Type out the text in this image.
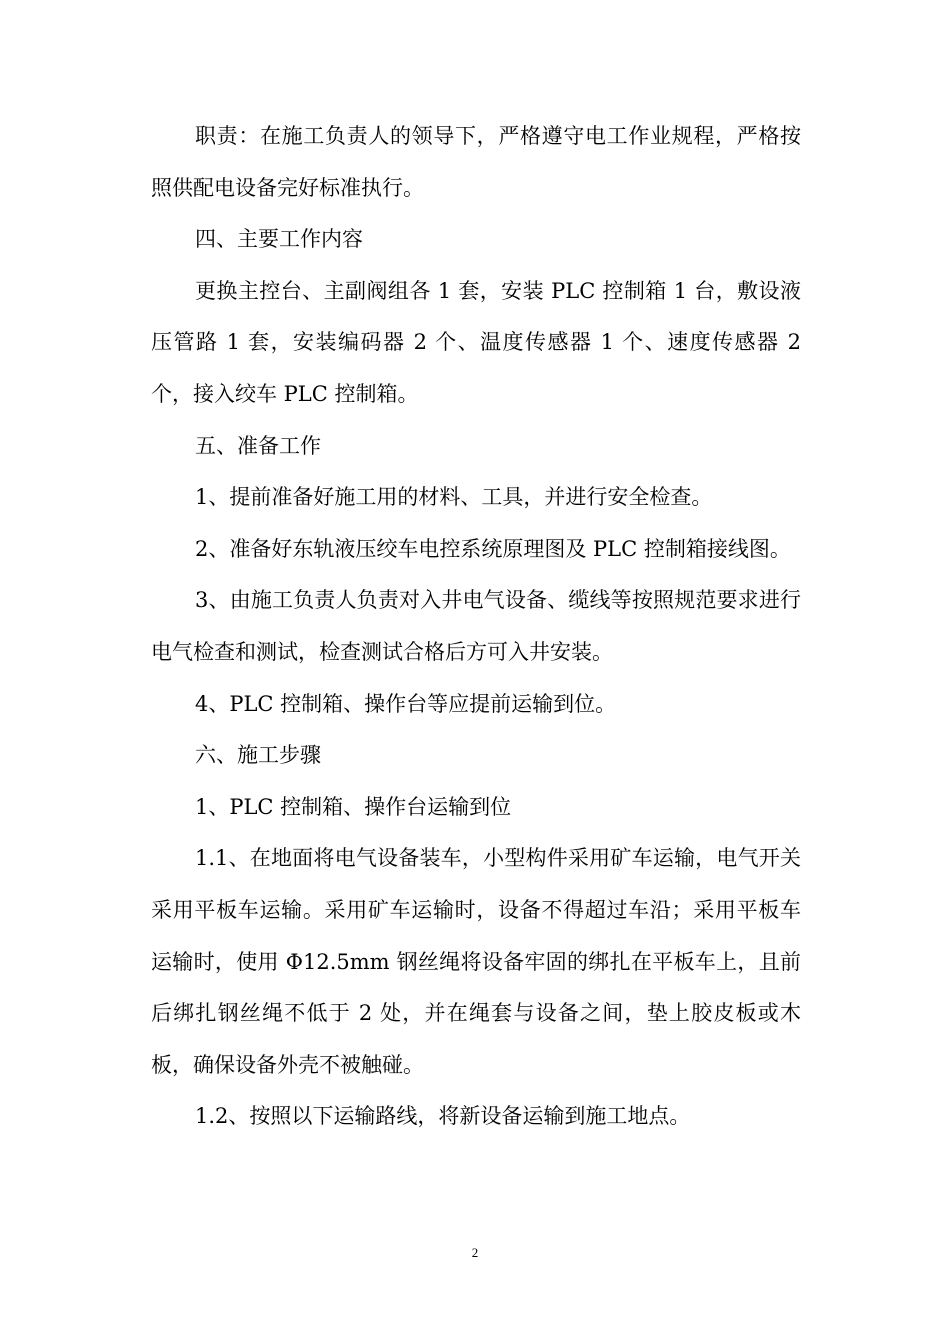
职责：在施工负责人的领导下，严格遵守电工作业规程，严格按照供配电设备完好标准执行。

四、主要工作内容

更换主控台、主副阀组各 1 套，安装 PLC 控制箱 1 台，敷设液压管路 1 套，安装编码器 2 个、温度传感器 1 个、速度传感器 2 个，接入绞车 PLC 控制箱。

五、准备工作

1、提前准备好施工用的材料、工具，并进行安全检查。

2、准备好东轨液压绞车电控系统原理图及 PLC 控制箱接线图。

3、由施工负责人负责对入井电气设备、缆线等按照规范要求进行电气检查和测试，检查测试合格后方可入井安装。

4、PLC 控制箱、操作台等应提前运输到位。

六、施工步骤

1、PLC 控制箱、操作台运输到位

1.1、在地面将电气设备装车，小型构件采用矿车运输，电气开关采用平板车运输。采用矿车运输时，设备不得超过车沿；采用平板车运输时，使用 Φ12.5mm 钢丝绳将设备牢固的绑扎在平板车上，且前后绑扎钢丝绳不低于 2 处，并在绳套与设备之间，垫上胶皮板或木板，确保设备外壳不被触碰。

1.2、按照以下运输路线，将新设备运输到施工地点。

2
